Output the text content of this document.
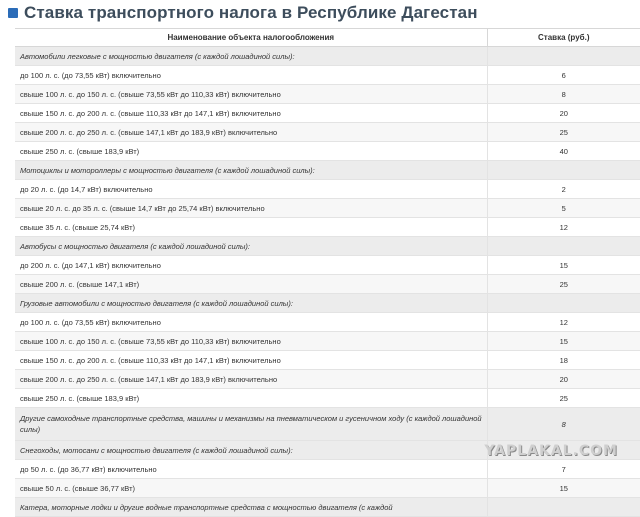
Ставка транспортного налога в Республике Дагестан
Наименование объекта налогообложения	Ставка (руб.)
Автомобили легковые с мощностью двигателя (с каждой лошадиной силы):	
до 100 л. с. (до 73,55 кВт) включительно	6
свыше 100 л. с. до 150 л. с. (свыше 73,55 кВт до 110,33 кВт) включительно	8
свыше 150 л. с. до 200 л. с. (свыше 110,33 кВт до 147,1 кВт) включительно	20
свыше 200 л. с. до 250 л. с. (свыше 147,1 кВт до 183,9 кВт) включительно	25
свыше 250 л. с. (свыше 183,9 кВт)	40
Мотоциклы и мотороллеры с мощностью двигателя (с каждой лошадиной силы):	
до 20 л. с. (до 14,7 кВт) включительно	2
свыше 20 л. с. до 35 л. с. (свыше 14,7 кВт до 25,74 кВт) включительно	5
свыше 35 л. с. (свыше 25,74 кВт)	12
Автобусы с мощностью двигателя (с каждой лошадиной силы):	
до 200 л. с. (до 147,1 кВт) включительно	15
свыше 200 л. с. (свыше 147,1 кВт)	25
Грузовые автомобили с мощностью двигателя (с каждой лошадиной силы):	
до 100 л. с. (до 73,55 кВт) включительно	12
свыше 100 л. с. до 150 л. с. (свыше 73,55 кВт до 110,33 кВт) включительно	15
свыше 150 л. с. до 200 л. с. (свыше 110,33 кВт до 147,1 кВт) включительно	18
свыше 200 л. с. до 250 л. с. (свыше 147,1 кВт до 183,9 кВт) включительно	20
свыше 250 л. с. (свыше 183,9 кВт)	25
Другие самоходные транспортные средства, машины и механизмы на пневматическом и гусеничном ходу (с каждой лошадиной силы)	8
Снегоходы, мотосани с мощностью двигателя (с каждой лошадиной силы):	
до 50 л. с. (до 36,77 кВт) включительно	7
свыше 50 л. с. (свыше 36,77 кВт)	15
Катера, моторные лодки и другие водные транспортные средства с мощностью двигателя (с каждой	
YAPLAKAL.COM
